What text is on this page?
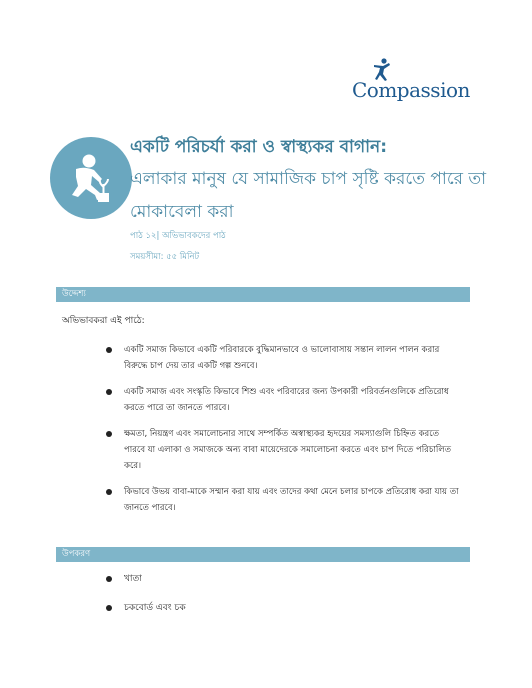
Compassion
একটি পরিচর্যা করা ও স্বাস্থ্যকর বাগান:
এলাকার মানুষ যে সামাজিক চাপ সৃষ্টি করতে পারে তা মোকাবেলা করা
পাঠ ১২| অভিভাবকদের পাঠ
সময়সীমা: ৫৫ মিনিট
উদ্দেশ্য
অভিভাবকরা এই পাঠে:
একটি সমাজ কিভাবে একটি পরিবারকে বুদ্ধিমানভাবে ও ভালোবাসায় সন্তান লালন পালন করার বিরুদ্ধে চাপ দেয় তার একটি গল্প শুনবে।
একটি সমাজ এবং সংস্কৃতি কিভাবে শিশু এবং পরিবারের জন্য উপকারী পরিবর্তনগুলিকে প্রতিরোধ করতে পারে তা জানতে পারবে।
ক্ষমতা, নিয়ন্ত্রণ এবং সমালোচনার সাথে সম্পর্কিত অস্বাস্থ্যকর হৃদয়ের সমস্যাগুলি চিহ্নিত করতে পারবে যা এলাকা ও সমাজকে অন্য বাবা মায়েদেরকে সমালোচনা করতে এবং চাপ দিতে পরিচালিত করে।
কিভাবে উভয় বাবা-মাকে সম্মান করা যায় এবং তাদের কথা মেনে চলার চাপকে প্রতিরোধ করা যায় তা জানতে পারবে।
উপকরণ
খাতা
চকবোর্ড এবং চক
